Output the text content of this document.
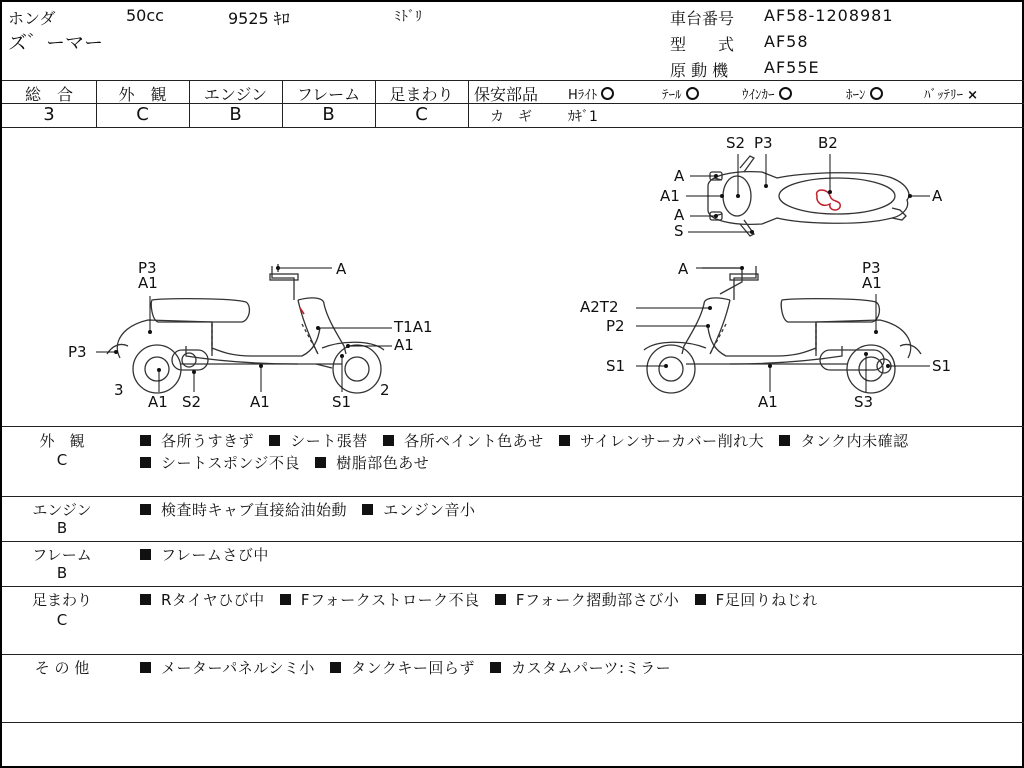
ホンダ	50cc	9525 ｷﾛ	ﾐﾄﾞﾘ
ズ゛ーマー
車台番号 AF58-1208981
型　　式 AF58
原 動 機 AF55E
総　合	外　観	エンジン	フレーム	足まわり
3	C	B	B	C
保安部品 Hﾗｲﾄ	ﾃｰﾙ	ｳｲﾝｶｰ	ﾎｰﾝ	ﾊﾞｯﾃﾘｰ ×
カ　ギ	ｶｷﾞ1
S2 P3	B2
A
A1
A
S
A
P3
A1
A
T1A1
A1
P3
3
A1 S2	A1	S1
2
A	P3
A1
A2T2
P2
S1
A1	S3
S1
外　観
C
各所うすきず シート張替 各所ペイント色あせ サイレンサーカバー削れ大 タンク内未確認
シートスポンジ不良 樹脂部色あせ
エンジン
B
検査時キャブ直接給油始動 エンジン音小
フレーム
B
フレームさび中
足まわり
C
Rタイヤひび中 Fフォークストローク不良 Fフォーク摺動部さび小 F足回りねじれ
そ の 他	メーターパネルシミ小 タンクキー回らず カスタムパーツ:ミラー
